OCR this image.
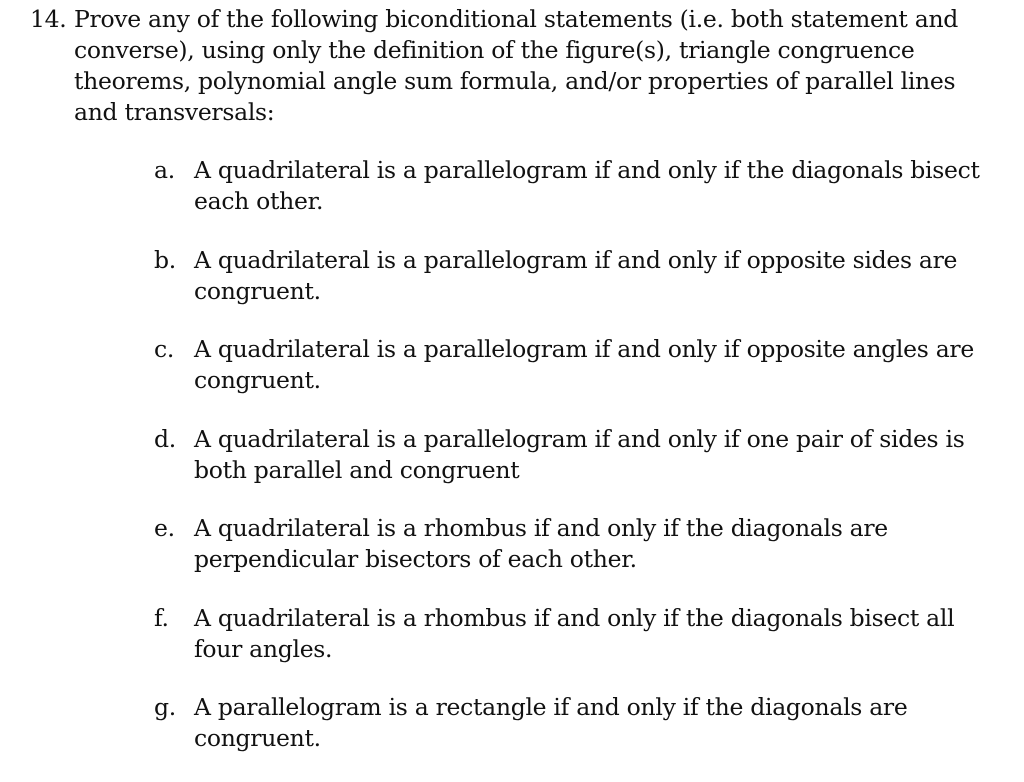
14. Prove any of the following biconditional statements (i.e. both statement and converse), using only the definition of the figure(s), triangle congruence theorems, polynomial angle sum formula, and/or properties of parallel lines and transversals:
a. A quadrilateral is a parallelogram if and only if the diagonals bisect each other.
b. A quadrilateral is a parallelogram if and only if opposite sides are congruent.
c. A quadrilateral is a parallelogram if and only if opposite angles are congruent.
d. A quadrilateral is a parallelogram if and only if one pair of sides is both parallel and congruent
e. A quadrilateral is a rhombus if and only if the diagonals are perpendicular bisectors of each other.
f.	A quadrilateral is a rhombus if and only if the diagonals bisect all four angles.
g. A parallelogram is a rectangle if and only if the diagonals are congruent.
